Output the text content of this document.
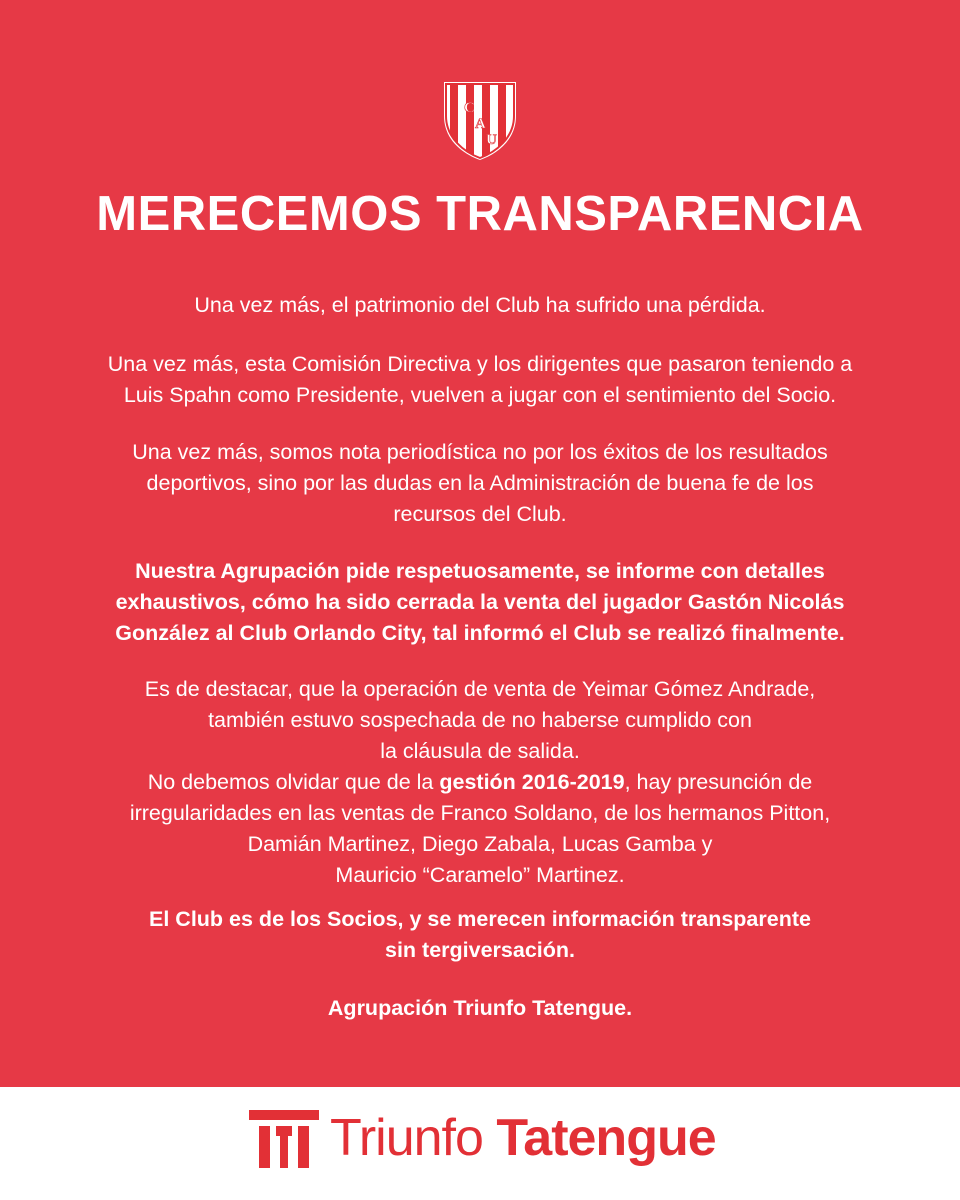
C
A
U
MERECEMOS TRANSPARENCIA

Una vez más, el patrimonio del Club ha sufrido una pérdida.

Una vez más, esta Comisión Directiva y los dirigentes que pasaron teniendo a
Luis Spahn como Presidente, vuelven a jugar con el sentimiento del Socio.

Una vez más, somos nota periodística no por los éxitos de los resultados
deportivos, sino por las dudas en la Administración de buena fe de los
recursos del Club.

Nuestra Agrupación pide respetuosamente, se informe con detalles
exhaustivos, cómo ha sido cerrada la venta del jugador Gastón Nicolás
González al Club Orlando City, tal informó el Club se realizó finalmente.

Es de destacar, que la operación de venta de Yeimar Gómez Andrade,
también estuvo sospechada de no haberse cumplido con
la cláusula de salida.
No debemos olvidar que de la gestión 2016-2019, hay presunción de
irregularidades en las ventas de Franco Soldano, de los hermanos Pitton,
Damián Martinez, Diego Zabala, Lucas Gamba y
Mauricio “Caramelo” Martinez.

El Club es de los Socios, y se merecen información transparente
sin tergiversación.

Agrupación Triunfo Tatengue.

Triunfo Tatengue
